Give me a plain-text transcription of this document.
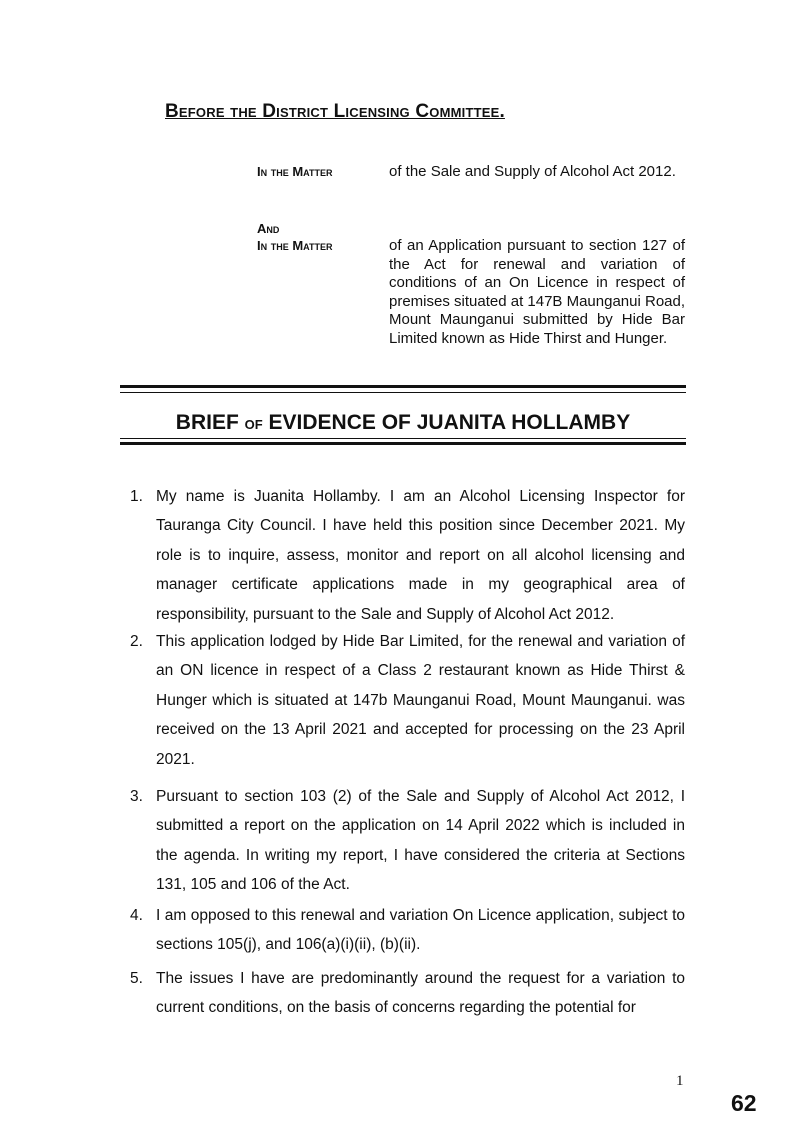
Before the District Licensing Committee.
In the Matter	of the Sale and Supply of Alcohol Act 2012.
And
In the Matter	of an Application pursuant to section 127 of the Act for renewal and variation of conditions of an On Licence in respect of premises situated at 147B Maunganui Road, Mount Maunganui submitted by Hide Bar Limited known as Hide Thirst and Hunger.
BRIEF OF EVIDENCE OF JUANITA HOLLAMBY
1. My name is Juanita Hollamby. I am an Alcohol Licensing Inspector for Tauranga City Council. I have held this position since December 2021. My role is to inquire, assess, monitor and report on all alcohol licensing and manager certificate applications made in my geographical area of responsibility, pursuant to the Sale and Supply of Alcohol Act 2012.
2. This application lodged by Hide Bar Limited, for the renewal and variation of an ON licence in respect of a Class 2 restaurant known as Hide Thirst & Hunger which is situated at 147b Maunganui Road, Mount Maunganui. was received on the 13 April 2021 and accepted for processing on the 23 April 2021.
3. Pursuant to section 103 (2) of the Sale and Supply of Alcohol Act 2012, I submitted a report on the application on 14 April 2022 which is included in the agenda. In writing my report, I have considered the criteria at Sections 131, 105 and 106 of the Act.
4. I am opposed to this renewal and variation On Licence application, subject to sections 105(j), and 106(a)(i)(ii), (b)(ii).
5. The issues I have are predominantly around the request for a variation to current conditions, on the basis of concerns regarding the potential for
1
62
